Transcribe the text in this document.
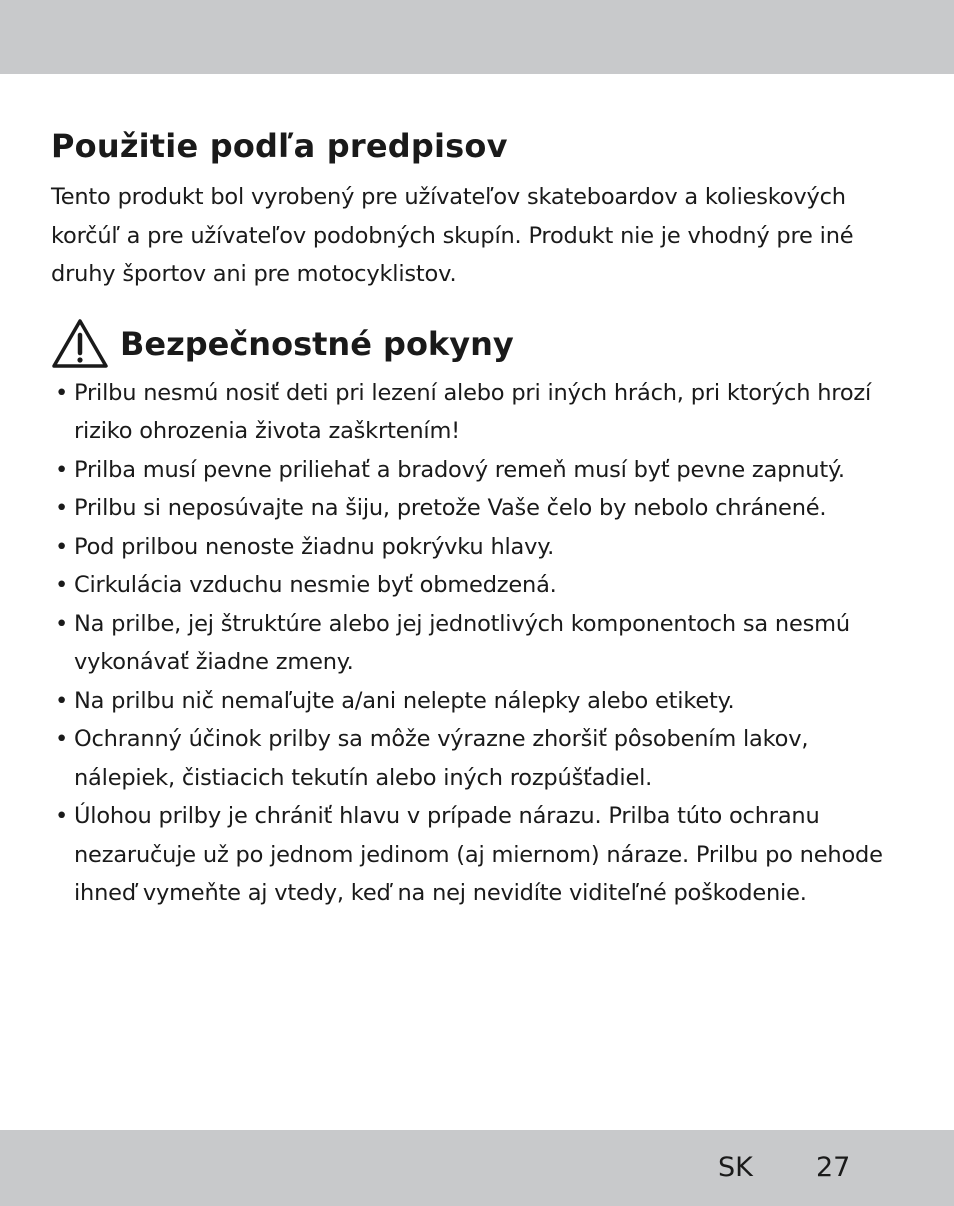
Použitie podľa predpisov

Tento produkt bol vyrobený pre užívateľov skateboardov a kolieskových korčúľ a pre užívateľov podobných skupín. Produkt nie je vhodný pre iné druhy športov ani pre motocyklistov.

Bezpečnostné pokyny
• Prilbu nesmú nosiť deti pri lezení alebo pri iných hrách, pri ktorých hrozí riziko ohrozenia života zaškrtením!
• Prilba musí pevne priliehať a bradový remeň musí byť pevne zapnutý.
• Prilbu si neposúvajte na šiju, pretože Vaše čelo by nebolo chránené.
• Pod prilbou nenoste žiadnu pokrývku hlavy.
• Cirkulácia vzduchu nesmie byť obmedzená.
• Na prilbe, jej štruktúre alebo jej jednotlivých komponentoch sa nesmú vykonávať žiadne zmeny.
• Na prilbu nič nemaľujte a/ani nelepte nálepky alebo etikety.
• Ochranný účinok prilby sa môže výrazne zhoršiť pôsobením lakov, nálepiek, čistiacich tekutín alebo iných rozpúšťadiel.
• Úlohou prilby je chrániť hlavu v prípade nárazu. Prilba túto ochranu nezaručuje už po jednom jedinom (aj miernom) náraze. Prilbu po nehode ihneď vymeňte aj vtedy, keď na nej nevidíte viditeľné poškodenie.
SK 27
